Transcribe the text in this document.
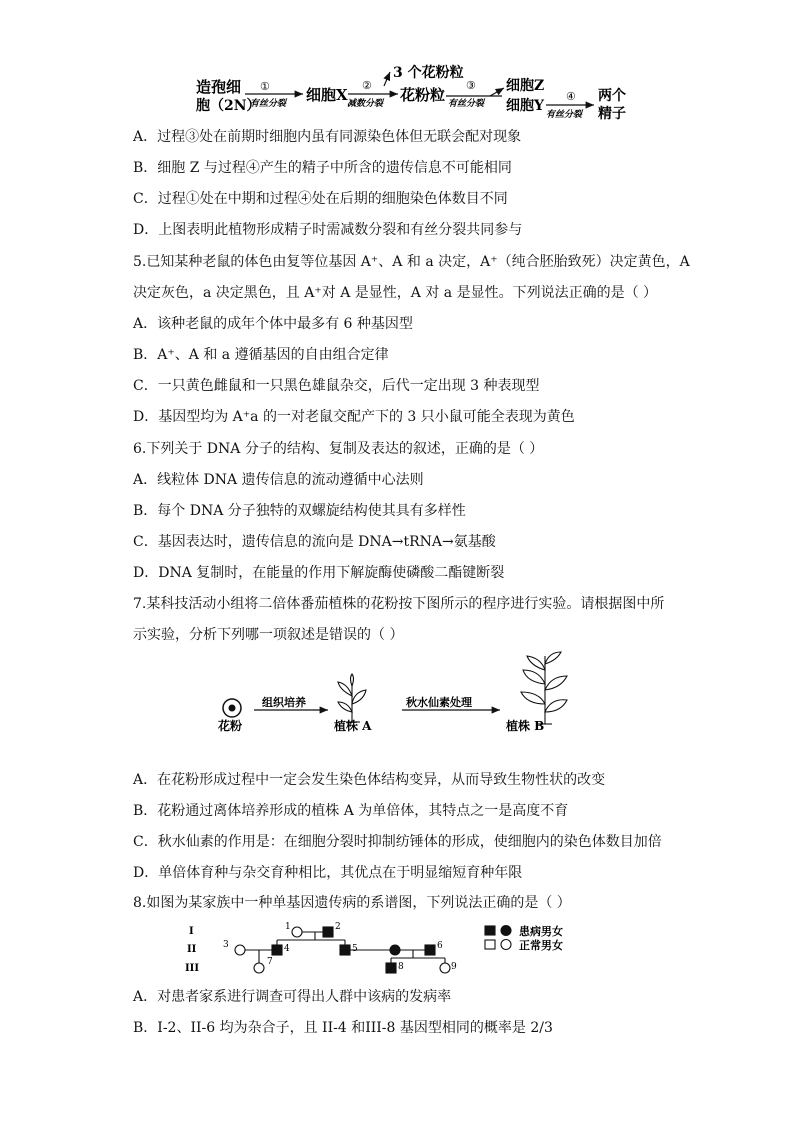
造孢细
胞（2N）
①
有丝分裂 细胞X
②
减数分裂
3 个花粉粒
花粉粒
③
有丝分裂
细胞Z
细胞Y
④
有丝分裂
两个
精子
A．过程③处在前期时细胞内虽有同源染色体但无联会配对现象
B．细胞 Z 与过程④产生的精子中所含的遗传信息不可能相同
C．过程①处在中期和过程④处在后期的细胞染色体数目不同
D．上图表明此植物形成精子时需减数分裂和有丝分裂共同参与
5.已知某种老鼠的体色由复等位基因 A⁺、A 和 a 决定，A⁺（纯合胚胎致死）决定黄色，A
决定灰色，a 决定黑色，且 A⁺对 A 是显性，A 对 a 是显性。下列说法正确的是（ ）
A．该种老鼠的成年个体中最多有 6 种基因型
B．A⁺、A 和 a 遵循基因的自由组合定律
C．一只黄色雌鼠和一只黑色雄鼠杂交，后代一定出现 3 种表现型
D．基因型均为 A⁺a 的一对老鼠交配产下的 3 只小鼠可能全表现为黄色
6.下列关于 DNA 分子的结构、复制及表达的叙述，正确的是（ ）
A．线粒体 DNA 遗传信息的流动遵循中心法则
B．每个 DNA 分子独特的双螺旋结构使其具有多样性
C．基因表达时，遗传信息的流向是 DNA→tRNA→氨基酸
D．DNA 复制时，在能量的作用下解旋酶使磷酸二酯键断裂
7.某科技活动小组将二倍体番茄植株的花粉按下图所示的程序进行实验。请根据图中所
示实验，分析下列哪一项叙述是错误的（ ）
花粉
组织培养
植株 A
秋水仙素处理
植株 B
A．在花粉形成过程中一定会发生染色体结构变异，从而导致生物性状的改变
B．花粉通过离体培养形成的植株 A 为单倍体，其特点之一是高度不育
C．秋水仙素的作用是：在细胞分裂时抑制纺锤体的形成，使细胞内的染色体数目加倍
D．单倍体育种与杂交育种相比，其优点在于明显缩短育种年限
8.如图为某家族中一种单基因遗传病的系谱图，下列说法正确的是（ ）
I
II
III
1	2
3	4	5	6
7	8	9
患病男女
正常男女
A．对患者家系进行调查可得出人群中该病的发病率
B．I-2、II-6 均为杂合子，且 II-4 和III-8 基因型相同的概率是 2/3
